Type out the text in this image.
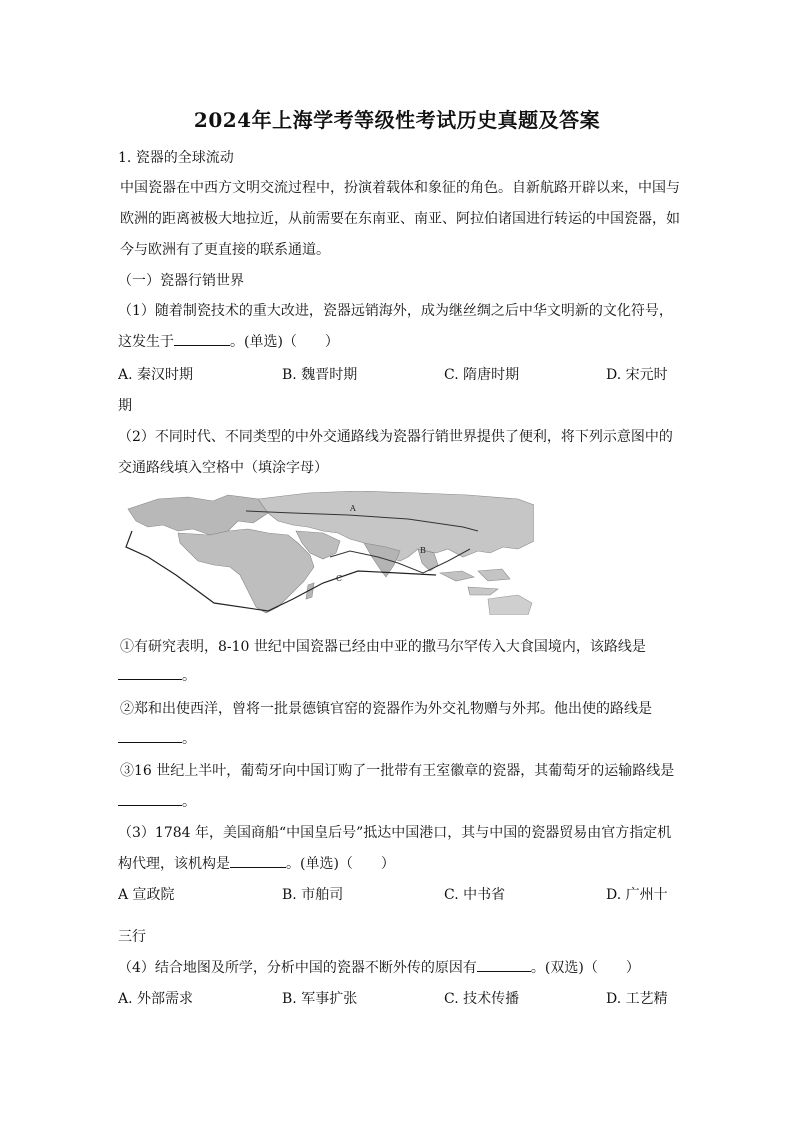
2024年上海学考等级性考试历史真题及答案
1. 瓷器的全球流动
中国瓷器在中西方文明交流过程中，扮演着载体和象征的角色。自新航路开辟以来，中国与
欧洲的距离被极大地拉近，从前需要在东南亚、南亚、阿拉伯诸国进行转运的中国瓷器，如
今与欧洲有了更直接的联系通道。
（一）瓷器行销世界
（1）随着制瓷技术的重大改进，瓷器远销海外，成为继丝绸之后中华文明新的文化符号，
这发生于	。(单选)（　　）
A. 秦汉时期	B. 魏晋时期	C. 隋唐时期	D. 宋元时
期
（2）不同时代、不同类型的中外交通路线为瓷器行销世界提供了便利，将下列示意图中的
交通路线填入空格中（填涂字母）
A
B
C
①有研究表明，8-10 世纪中国瓷器已经由中亚的撒马尔罕传入大食国境内，该路线是
。
②郑和出使西洋，曾将一批景德镇官窑的瓷器作为外交礼物赠与外邦。他出使的路线是
。
③16 世纪上半叶，葡萄牙向中国订购了一批带有王室徽章的瓷器，其葡萄牙的运输路线是
。
（3）1784 年，美国商船“中国皇后号”抵达中国港口，其与中国的瓷器贸易由官方指定机
构代理，该机构是	。(单选)（　　）
A 宣政院	B. 市舶司	C. 中书省	D. 广州十
三行
（4）结合地图及所学，分析中国的瓷器不断外传的原因有	。(双选)（　　）
A. 外部需求	B. 军事扩张	C. 技术传播	D. 工艺精
